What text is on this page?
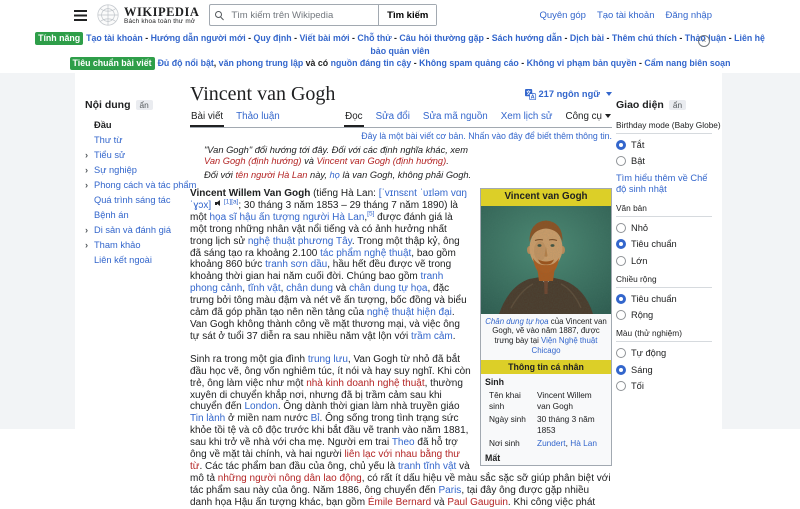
WIKIPEDIA
Bách khoa toàn thư mở
Tìm kiếm trên Wikipedia
Tìm kiếm	Quyên góp Tạo tài khoản Đăng nhập
Tính năng Tạo tài khoản - Hướng dẫn người mới - Quy định - Viết bài mới - Chỗ thử - Câu hỏi thường gặp - Sách hướng dẫn - Dịch bài - Thêm chú thích - Thảo luận - Liên hệ bảo quản viên
Tiêu chuẩn bài viết Đủ độ nổi bật, văn phong trung lập và có nguồn đáng tin cậy - Không spam quảng cáo - Không vi phạm bản quyền - Cẩm nang biên soạn
×
Nội dung	ẩn
Đầu
Thư từ
›
Tiểu sử
›
Sự nghiệp
›
Phong cách và tác phẩm
Quá trình sáng tác
Bệnh án
›
Di sản và đánh giá
›
Tham khảo
Liên kết ngoài
Vincent van Gogh	A 217 ngôn ngữ
Bài viết Thảo luận	Đọc Sửa đổi Sửa mã nguồn Xem lịch sử Công cụ
Đây là một bài viết cơ bản. Nhấn vào đây để biết thêm thông tin.
"Van Gogh" đổi hướng tới đây. Đối với các định nghĩa khác, xem Van Gogh (định hướng) và Vincent van Gogh (định hướng).
Đối với tên người Hà Lan này, họ là van Gogh, không phải Gogh.
Vincent van Gogh
Chân dung tự họa của Vincent van Gogh, vẽ vào năm 1887, được trưng bày tại Viện Nghệ thuật Chicago
Thông tin cá nhân
Sinh
Tên khai sinh
Vincent Willem van Gogh
Ngày sinh	30 tháng 3 năm 1853
Nơi sinh	Zundert, Hà Lan
Mất

Vincent Willem Van Gogh (tiếng Hà Lan: [ˈvɪnsɛnt ˈʋɪləm vɑŋ ˈɣɔx] [1][a]; 30 tháng 3 năm 1853 – 29 tháng 7 năm 1890) là một họa sĩ hậu ấn tượng người Hà Lan,[5] được đánh giá là một trong những nhân vật nổi tiếng và có ảnh hưởng nhất trong lịch sử nghệ thuật phương Tây. Trong một thập kỷ, ông đã sáng tạo ra khoảng 2.100 tác phẩm nghệ thuật, bao gồm khoảng 860 bức tranh sơn dầu, hầu hết đều được vẽ trong khoảng thời gian hai năm cuối đời. Chúng bao gồm tranh phong cảnh, tĩnh vật, chân dung và chân dung tự họa, đặc trưng bởi tông màu đậm và nét vẽ ấn tượng, bốc đồng và biểu cảm đã góp phần tạo nên nền tảng của nghệ thuật hiện đại. Van Gogh không thành công về mặt thương mại, và việc ông tự sát ở tuổi 37 diễn ra sau nhiều năm vật lộn với trầm cảm.

Sinh ra trong một gia đình trung lưu, Van Gogh từ nhỏ đã bắt đầu học vẽ, ông vốn nghiêm túc, ít nói và hay suy nghĩ. Khi còn trẻ, ông làm việc như một nhà kinh doanh nghệ thuật, thường xuyên di chuyển khắp nơi, nhưng đã bị trầm cảm sau khi chuyển đến London. Ông dành thời gian làm nhà truyền giáo Tin lành ở miền nam nước Bỉ. Ông sống trong tình trạng sức khỏe tồi tệ và cô độc trước khi bắt đầu vẽ tranh vào năm 1881, sau khi trở về nhà với cha mẹ. Người em trai Theo đã hỗ trợ ông về mặt tài chính, và hai người liên lạc với nhau bằng thư từ. Các tác phẩm ban đầu của ông, chủ yếu là tranh tĩnh vật và mô tả những người nông dân lao động, có rất ít dấu hiệu về màu sắc sặc sỡ giúp phân biệt với tác phẩm sau này của ông. Năm 1886, ông chuyển đến Paris, tại đây ông được gặp nhiều danh họa Hậu ấn tượng khác, bạn gồm Émile Bernard và Paul Gauguin. Khi công việc phát

Giao diện	ẩn
Birthday mode (Baby Globe)
Tắt
Bật
Tìm hiểu thêm về Chế độ sinh nhật
Văn bản
Nhỏ
Tiêu chuẩn
Lớn
Chiều rộng
Tiêu chuẩn
Rộng
Màu (thử nghiệm)
Tự động
Sáng
Tối
